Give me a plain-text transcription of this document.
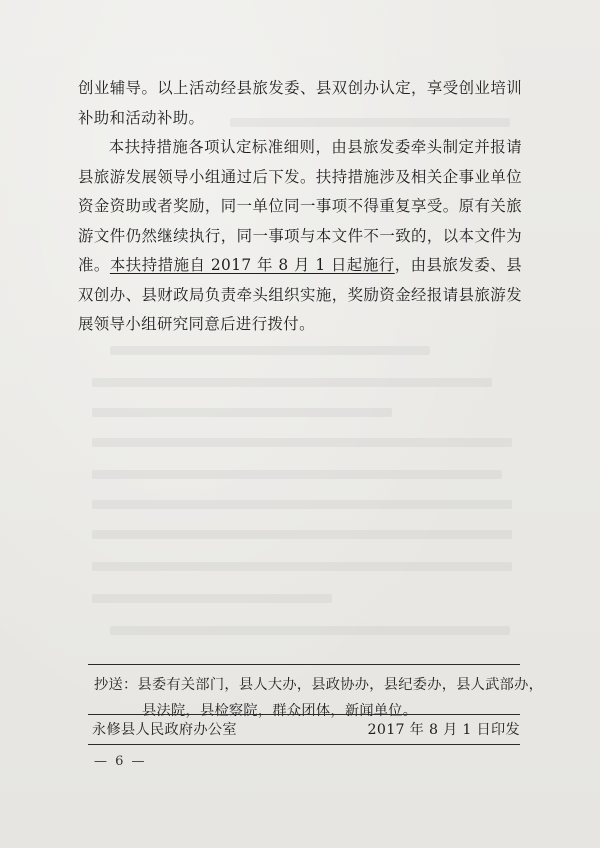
创业辅导。以上活动经县旅发委、县双创办认定，享受创业培训补助和活动补助。

本扶持措施各项认定标准细则，由县旅发委牵头制定并报请县旅游发展领导小组通过后下发。扶持措施涉及相关企事业单位资金资助或者奖励，同一单位同一事项不得重复享受。原有关旅游文件仍然继续执行，同一事项与本文件不一致的，以本文件为准。本扶持措施自 2017 年 8 月 1 日起施行，由县旅发委、县双创办、县财政局负责牵头组织实施，奖励资金经报请县旅游发展领导小组研究同意后进行拨付。

抄送：县委有关部门，县人大办，县政协办，县纪委办，县人武部办，
县法院，县检察院，群众团体，新闻单位。
永修县人民政府办公室	2017 年 8 月 1 日印发
— 6 —
